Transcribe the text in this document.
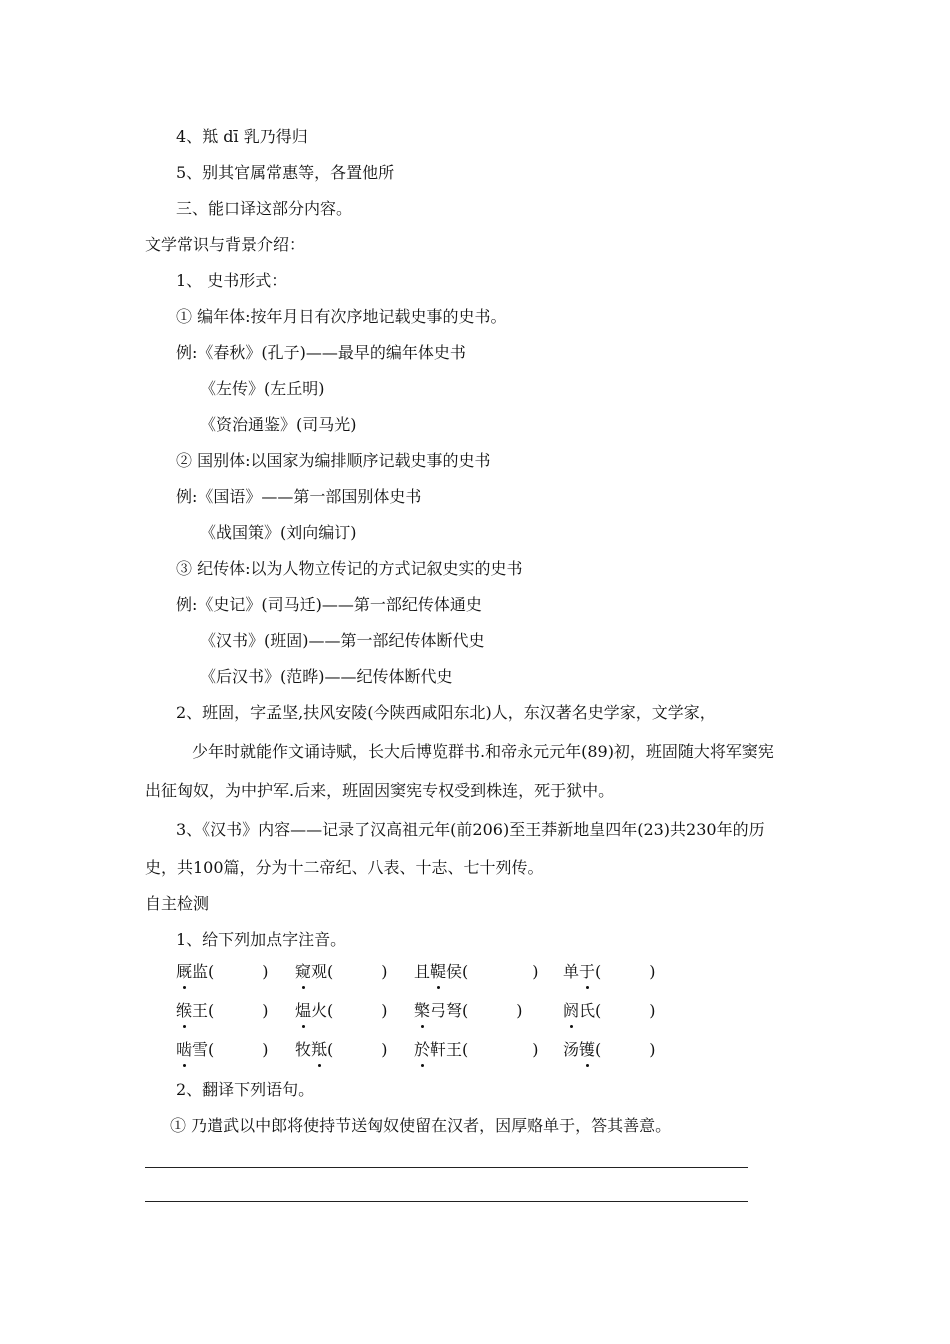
4、羝 dī 乳乃得归
5、别其官属常惠等，各置他所
三、能口译这部分内容。
文学常识与背景介绍：
1、 史书形式：
① 编年体:按年月日有次序地记载史事的史书。
例:《春秋》(孔子)——最早的编年体史书
《左传》(左丘明)
《资治通鉴》(司马光)
② 国别体:以国家为编排顺序记载史事的史书
例:《国语》——第一部国别体史书
《战国策》(刘向编订)
③ 纪传体:以为人物立传记的方式记叙史实的史书
例:《史记》(司马迁)——第一部纪传体通史
《汉书》(班固)——第一部纪传体断代史
《后汉书》(范晔)——纪传体断代史
2、班固，字孟坚,扶风安陵(今陕西咸阳东北)人，东汉著名史学家，文学家，
少年时就能作文诵诗赋，长大后博览群书.和帝永元元年(89)初，班固随大将军窦宪
出征匈奴，为中护军.后来，班固因窦宪专权受到株连，死于狱中。
3、《汉书》内容——记录了汉高祖元年(前206)至王莽新地皇四年(23)共230年的历
史，共100篇，分为十二帝纪、八表、十志、七十列传。
自主检测
1、给下列加点字注音。
厩监(　　　) 窥观(　　　) 且鞮侯(　　　　) 单于(　　　)
缑王(　　　) 煴火(　　　) 檠弓弩(　　　)	阏氏(　　　)
啮雪(　　　) 牧羝(　　　) 於靬王(　　　　) 汤镬(　　　)
2、翻译下列语句。
① 乃遣武以中郎将使持节送匈奴使留在汉者，因厚赂单于，答其善意。
